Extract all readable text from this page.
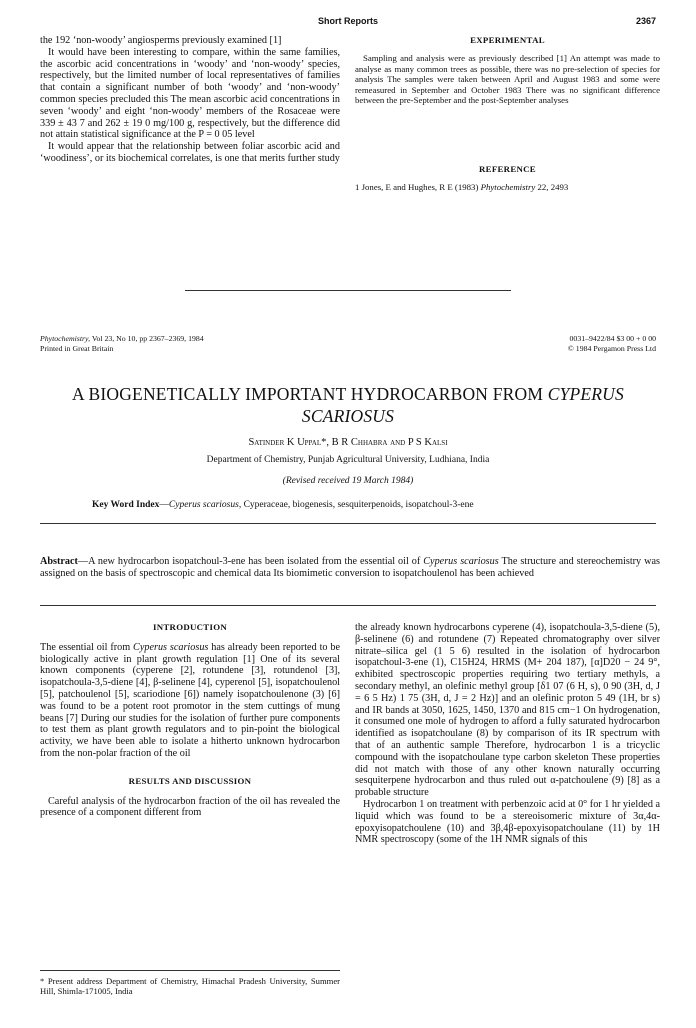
Short Reports	2367

the 192 ‘non-woody’ angiosperms previously examined [1]

It would have been interesting to compare, within the same families, the ascorbic acid concentrations in ‘woody’ and ‘non-woody’ species, respectively, but the limited number of local representatives of families that contain a significant number of both ‘woody’ and ‘non-woody’ common species precluded this The mean ascorbic acid concentrations in seven ‘woody’ and eight ‘non-woody’ members of the Rosaceae were 339 ± 43 7 and 262 ± 19 0 mg/100 g, respectively, but the difference did not attain statistical significance at the P = 0 05 level

It would appear that the relationship between foliar ascorbic acid and ‘woodiness’, or its biochemical correlates, is one that merits further study

EXPERIMENTAL
Sampling and analysis were as previously described [1] An attempt was made to analyse as many common trees as possible, there was no pre-selection of species for analysis The samples were taken between April and August 1983 and some were remeasured in September and October 1983 There was no significant difference between the pre-September and the post-September analyses
REFERENCE
1 Jones, E and Hughes, R E (1983) Phytochemistry 22, 2493
Phytochemistry, Vol 23, No 10, pp 2367–2369, 1984
Printed in Great Britain
0031–9422/84 $3 00 + 0 00
© 1984 Pergamon Press Ltd
A BIOGENETICALLY IMPORTANT HYDROCARBON FROM CYPERUS
SCARIOSUS
Satinder K Uppal*, B R Chhabra and P S Kalsi
Department of Chemistry, Punjab Agricultural University, Ludhiana, India
(Revised received 19 March 1984)
Key Word Index—Cyperus scariosus, Cyperaceae, biogenesis, sesquiterpenoids, isopatchoul-3-ene
Abstract—A new hydrocarbon isopatchoul-3-ene has been isolated from the essential oil of Cyperus scariosus The structure and stereochemistry was assigned on the basis of spectroscopic and chemical data Its biomimetic conversion to isopatchoulenol has been achieved
INTRODUCTION

The essential oil from Cyperus scariosus has already been reported to be biologically active in plant growth regulation [1] One of its several known components (cyperene [2], rotundene [3], rotundenol [3], isopatchoula-3,5-diene [4], β-selinene [4], cyperenol [5], isopatchoulenol [5], patchoulenol [5], scariodione [6]) namely isopatchoulenone (3) [6] was found to be a potent root promotor in the stem cuttings of mung beans [7] During our studies for the isolation of further pure components to test them as plant growth regulators and to pin-point the biological activity, we have been able to isolate a hitherto unknown hydrocarbon from the non-polar fraction of the oil

RESULTS AND DISCUSSION

Careful analysis of the hydrocarbon fraction of the oil has revealed the presence of a component different from

* Present address Department of Chemistry, Himachal Pradesh University, Summer Hill, Shimla-171005, India

the already known hydrocarbons cyperene (4), isopatchoula-3,5-diene (5), β-selinene (6) and rotundene (7) Repeated chromatography over silver nitrate–silica gel (1 5 6) resulted in the isolation of hydrocarbon isopatchoul-3-ene (1), C15H24, HRMS (M+ 204 187), [α]D20 − 24 9°, exhibited spectroscopic properties requiring two tertiary methyls, a secondary methyl, an olefinic methyl group [δ1 07 (6 H, s), 0 90 (3H, d, J = 6 5 Hz) 1 75 (3H, d, J = 2 Hz)] and an olefinic proton 5 49 (1H, br s) and IR bands at 3050, 1625, 1450, 1370 and 815 cm−1 On hydrogenation, it consumed one mole of hydrogen to afford a fully saturated hydrocarbon identified as isopatchoulane (8) by comparison of its IR spectrum with that of an authentic sample Therefore, hydrocarbon 1 is a tricyclic compound with the isopatchoulane type carbon skeleton These properties did not match with those of any other known naturally occurring sesquiterpene hydrocarbon and thus ruled out α-patchoulene (9) [8] as a probable structure

Hydrocarbon 1 on treatment with perbenzoic acid at 0° for 1 hr yielded a liquid which was found to be a stereoisomeric mixture of 3α,4α-epoxyisopatchoulene (10) and 3β,4β-epoxyisopatchoulane (11) by 1H NMR spectroscopy (some of the 1H NMR signals of this
